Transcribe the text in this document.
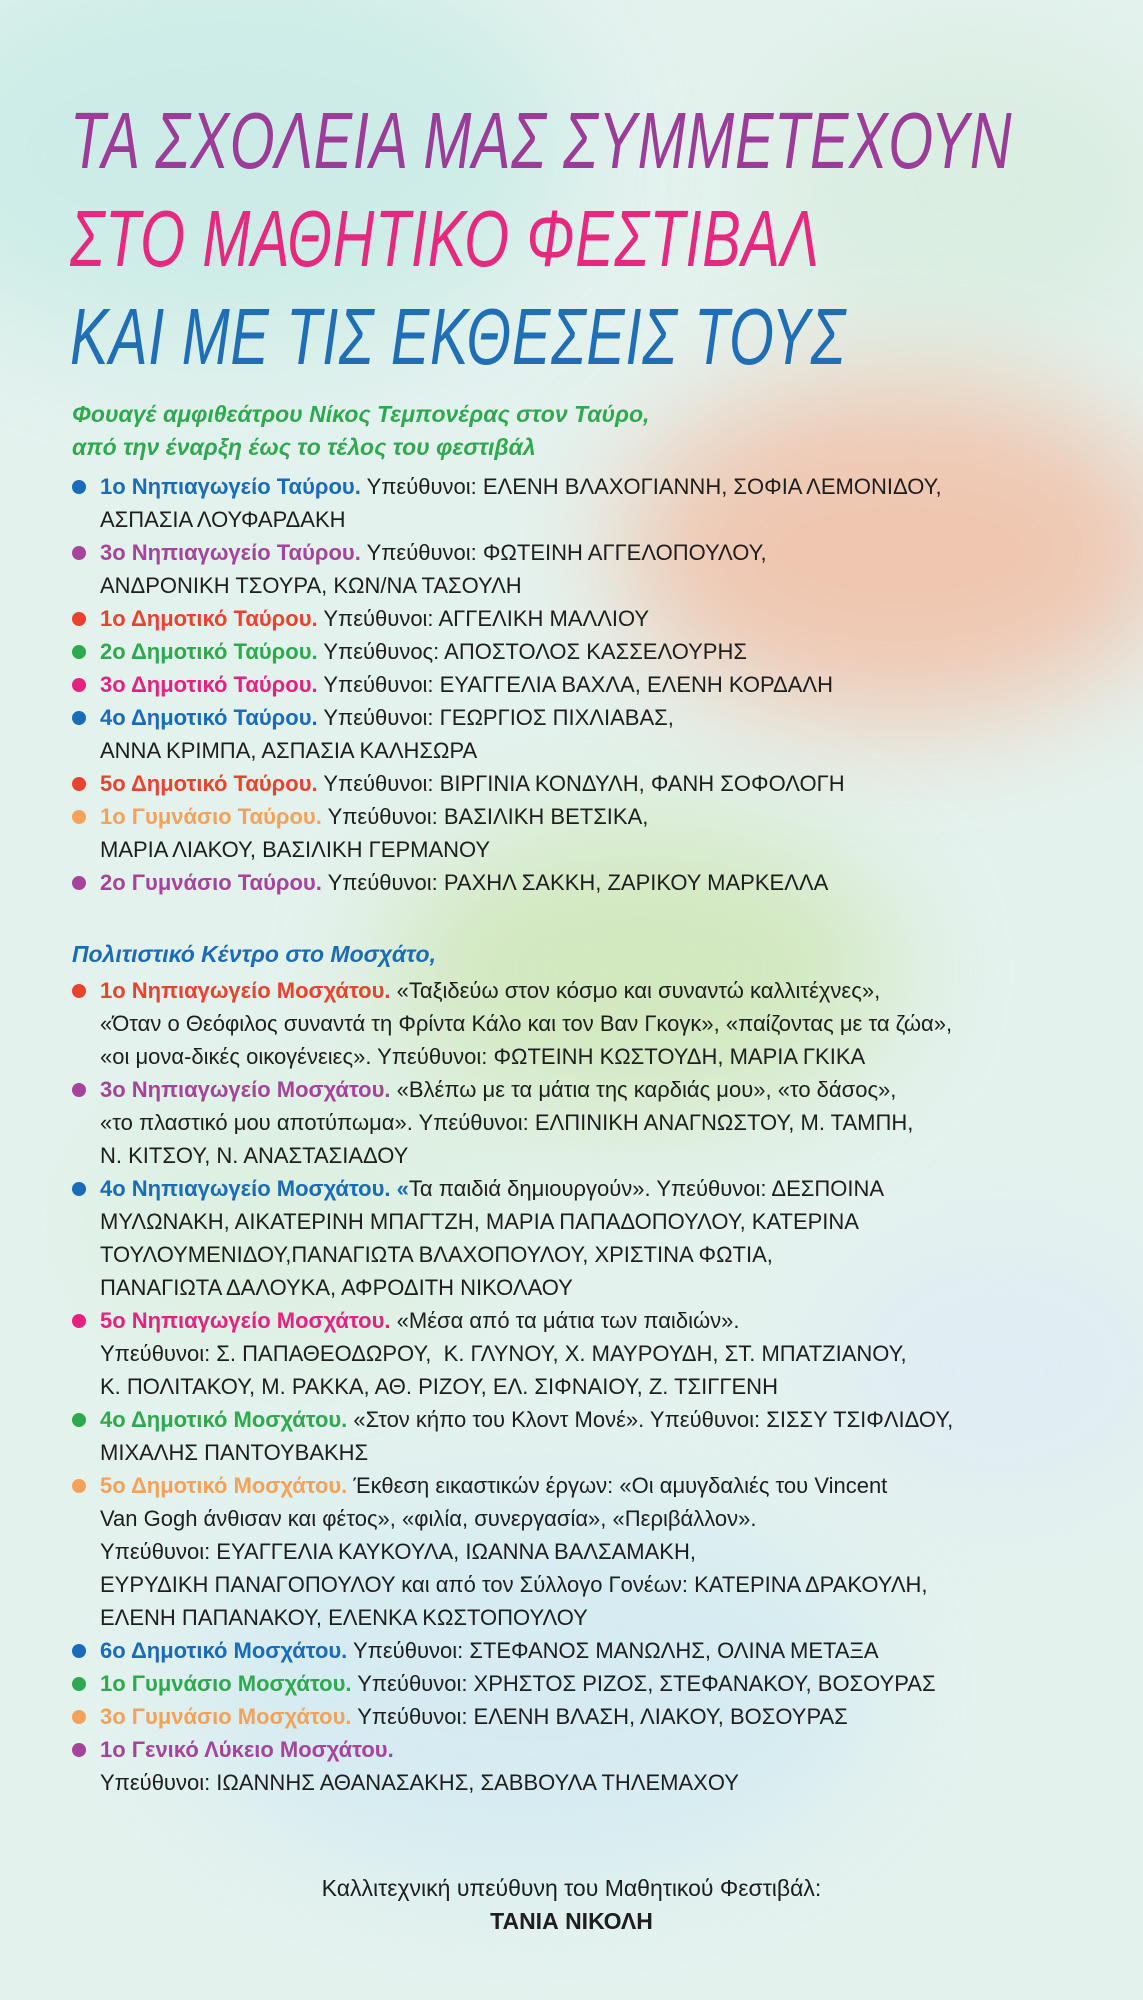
ΤΑ ΣΧΟΛΕΙΑ ΜΑΣ ΣΥΜΜΕΤΕΧΟΥΝ
ΣΤΟ ΜΑΘΗΤΙΚΟ ΦΕΣΤΙΒΑΛ
ΚΑΙ ΜΕ ΤΙΣ ΕΚΘΕΣΕΙΣ ΤΟΥΣ
Φουαγέ αμφιθεάτρου Νίκος Τεμπονέρας στον Ταύρο,
από την έναρξη έως το τέλος του φεστιβάλ
1ο Νηπιαγωγείο Ταύρου. Υπεύθυνοι: ΕΛΕΝΗ ΒΛΑΧΟΓΙΑΝΝΗ, ΣΟΦΙΑ ΛΕΜΟΝΙΔΟΥ,
ΑΣΠΑΣΙΑ ΛΟΥΦΑΡΔΑΚΗ
3ο Νηπιαγωγείο Ταύρου. Υπεύθυνοι: ΦΩΤΕΙΝΗ ΑΓΓΕΛΟΠΟΥΛΟΥ,
ΑΝΔΡΟΝΙΚΗ ΤΣΟΥΡΑ, ΚΩΝ/ΝΑ ΤΑΣΟΥΛΗ
1ο Δημοτικό Ταύρου. Υπεύθυνοι: ΑΓΓΕΛΙΚΗ ΜΑΛΛΙΟΥ
2ο Δημοτικό Ταύρου. Υπεύθυνος: ΑΠΟΣΤΟΛΟΣ ΚΑΣΣΕΛΟΥΡΗΣ
3ο Δημοτικό Ταύρου. Υπεύθυνοι: ΕΥΑΓΓΕΛΙΑ ΒΑΧΛΑ, ΕΛΕΝΗ ΚΟΡΔΑΛΗ
4ο Δημοτικό Ταύρου. Υπεύθυνοι: ΓΕΩΡΓΙΟΣ ΠΙΧΛΙΑΒΑΣ,
ΑΝΝΑ ΚΡΙΜΠΑ, ΑΣΠΑΣΙΑ ΚΑΛΗΣΩΡΑ
5ο Δημοτικό Ταύρου. Υπεύθυνοι: ΒΙΡΓΙΝΙΑ ΚΟΝΔΥΛΗ, ΦΑΝΗ ΣΟΦΟΛΟΓΗ
1ο Γυμνάσιο Ταύρου. Υπεύθυνοι: ΒΑΣΙΛΙΚΗ ΒΕΤΣΙΚΑ,
ΜΑΡΙΑ ΛΙΑΚΟΥ, ΒΑΣΙΛΙΚΗ ΓΕΡΜΑΝΟΥ
2ο Γυμνάσιο Ταύρου. Υπεύθυνοι: ΡΑΧΗΛ ΣΑΚΚΗ, ΖΑΡΙΚΟΥ ΜΑΡΚΕΛΛΑ
Πολιτιστικό Κέντρο στο Μοσχάτο,
1ο Νηπιαγωγείο Μοσχάτου. «Ταξιδεύω στον κόσμο και συναντώ καλλιτέχνες»,
«Όταν ο Θεόφιλος συναντά τη Φρίντα Κάλο και τον Βαν Γκογκ», «παίζοντας με τα ζώα»,
«οι μονα-δικές οικογένειες». Υπεύθυνοι: ΦΩΤΕΙΝΗ ΚΩΣΤΟΥΔΗ, ΜΑΡΙΑ ΓΚΙΚΑ
3ο Νηπιαγωγείο Μοσχάτου. «Βλέπω με τα μάτια της καρδιάς μου», «το δάσος»,
«το πλαστικό μου αποτύπωμα». Υπεύθυνοι: ΕΛΠΙΝΙΚΗ ΑΝΑΓΝΩΣΤΟΥ, Μ. ΤΑΜΠΗ,
Ν. ΚΙΤΣΟΥ, Ν. ΑΝΑΣΤΑΣΙΑΔΟΥ
4ο Νηπιαγωγείο Μοσχάτου. «Τα παιδιά δημιουργούν». Υπεύθυνοι: ΔΕΣΠΟΙΝΑ
ΜΥΛΩΝΑΚΗ, ΑΙΚΑΤΕΡΙΝΗ ΜΠΑΓΤΖΗ, ΜΑΡΙΑ ΠΑΠΑΔΟΠΟΥΛΟΥ, ΚΑΤΕΡΙΝΑ
ΤΟΥΛΟΥΜΕΝΙΔΟΥ,ΠΑΝΑΓΙΩΤΑ ΒΛΑΧΟΠΟΥΛΟΥ, ΧΡΙΣΤΙΝΑ ΦΩΤΙΑ,
ΠΑΝΑΓΙΩΤΑ ΔΑΛΟΥΚΑ, ΑΦΡΟΔΙΤΗ ΝΙΚΟΛΑΟΥ
5ο Νηπιαγωγείο Μοσχάτου. «Μέσα από τα μάτια των παιδιών».
Υπεύθυνοι: Σ. ΠΑΠΑΘΕΟΔΩΡΟΥ,  Κ. ΓΛΥΝΟΥ, Χ. ΜΑΥΡΟΥΔΗ, ΣΤ. ΜΠΑΤΖΙΑΝΟΥ,
Κ. ΠΟΛΙΤΑΚΟΥ, Μ. ΡΑΚΚΑ, ΑΘ. ΡΙΖΟΥ, ΕΛ. ΣΙΦΝΑΙΟΥ, Ζ. ΤΣΙΓΓΕΝΗ
4ο Δημοτικό Μοσχάτου. «Στον κήπο του Κλοντ Μονέ». Υπεύθυνοι: ΣΙΣΣΥ ΤΣΙΦΛΙΔΟΥ,
ΜΙΧΑΛΗΣ ΠΑΝΤΟΥΒΑΚΗΣ
5ο Δημοτικό Μοσχάτου. Έκθεση εικαστικών έργων: «Οι αμυγδαλιές του Vincent
Van Gogh άνθισαν και φέτος», «φιλία, συνεργασία», «Περιβάλλον».
Υπεύθυνοι: ΕΥΑΓΓΕΛΙΑ ΚΑΥΚΟΥΛΑ, ΙΩΑΝΝΑ ΒΑΛΣΑΜΑΚΗ,
ΕΥΡΥΔΙΚΗ ΠΑΝΑΓΟΠΟΥΛΟΥ και από τον Σύλλογο Γονέων: ΚΑΤΕΡΙΝΑ ΔΡΑΚΟΥΛΗ,
ΕΛΕΝΗ ΠΑΠΑΝΑΚΟΥ, ΕΛΕΝΚΑ ΚΩΣΤΟΠΟΥΛΟΥ
6ο Δημοτικό Μοσχάτου. Υπεύθυνοι: ΣΤΕΦΑΝΟΣ ΜΑΝΩΛΗΣ, ΟΛΙΝΑ ΜΕΤΑΞΑ
1ο Γυμνάσιο Μοσχάτου. Υπεύθυνοι: ΧΡΗΣΤΟΣ ΡΙΖΟΣ, ΣΤΕΦΑΝΑΚΟΥ, ΒΟΣΟΥΡΑΣ
3ο Γυμνάσιο Μοσχάτου. Υπεύθυνοι: ΕΛΕΝΗ ΒΛΑΣΗ, ΛΙΑΚΟΥ, ΒΟΣΟΥΡΑΣ
1ο Γενικό Λύκειο Μοσχάτου.
Υπεύθυνοι: ΙΩΑΝΝΗΣ ΑΘΑΝΑΣΑΚΗΣ, ΣΑΒΒΟΥΛΑ ΤΗΛΕΜΑΧΟΥ
Καλλιτεχνική υπεύθυνη του Μαθητικού Φεστιβάλ:
ΤΑΝΙΑ ΝΙΚΟΛΗ
